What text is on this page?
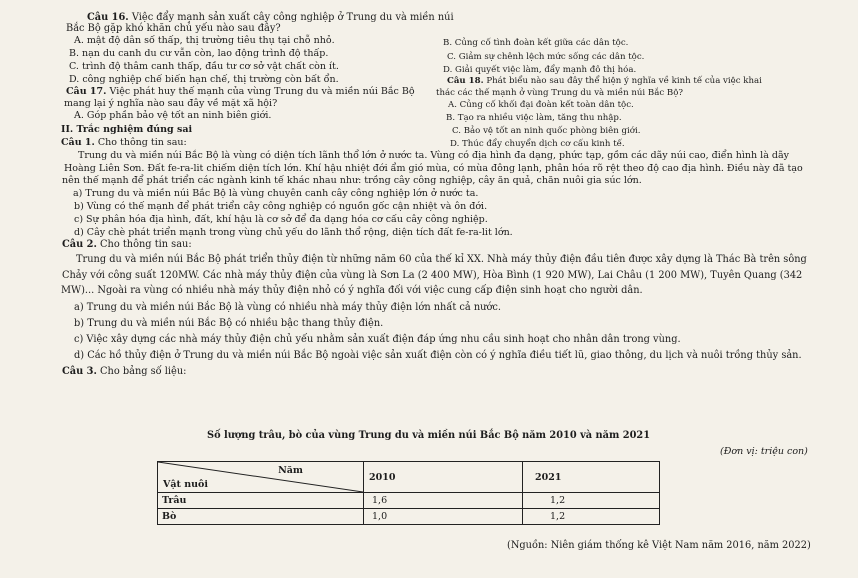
Câu 16. Việc đẩy mạnh sản xuất cây công nghiệp ở Trung du và miền núi
Bắc Bộ gặp khó khăn chủ yếu nào sau đây?
A. mật độ dân số thấp, thị trường tiêu thụ tại chỗ nhỏ.
B. nạn du canh du cư vẫn còn, lao động trình độ thấp.
C. trình độ thâm canh thấp, đầu tư cơ sở vật chất còn ít.
D. công nghiệp chế biến hạn chế, thị trường còn bất ổn.
Câu 17. Việc phát huy thế mạnh của vùng Trung du và miền núi Bắc Bộ
mang lại ý nghĩa nào sau đây về mặt xã hội?
A. Góp phần bảo vệ tốt an ninh biên giới.
B. Củng cố tình đoàn kết giữa các dân tộc.
C. Giảm sự chênh lệch mức sống các dân tộc.
D. Giải quyết việc làm, đẩy mạnh đô thị hóa.
Câu 18. Phát biểu nào sau đây thể hiện ý nghĩa về kinh tế của việc khai
thác các thế mạnh ở vùng Trung du và miền núi Bắc Bộ?
A. Củng cố khối đại đoàn kết toàn dân tộc.
B. Tạo ra nhiều việc làm, tăng thu nhập.
C. Bảo vệ tốt an ninh quốc phòng biên giới.
D. Thúc đẩy chuyển dịch cơ cấu kinh tế.
II. Trắc nghiệm đúng sai
Câu 1. Cho thông tin sau:
Trung du và miền núi Bắc Bộ là vùng có diện tích lãnh thổ lớn ở nước ta. Vùng có địa hình đa dạng, phức tạp, gồm các dãy núi cao, điển hình là dãy
Hoàng Liên Sơn. Đất fe-ra-lit chiếm diện tích lớn. Khí hậu nhiệt đới ẩm gió mùa, có mùa đông lạnh, phân hóa rõ rệt theo độ cao địa hình. Điều này đã tạo
nên thế mạnh để phát triển các ngành kinh tế khác nhau như: trồng cây công nghiệp, cây ăn quả, chăn nuôi gia súc lớn.
a) Trung du và miền núi Bắc Bộ là vùng chuyên canh cây công nghiệp lớn ở nước ta.
b) Vùng có thế mạnh để phát triển cây công nghiệp có nguồn gốc cận nhiệt và ôn đới.
c) Sự phân hóa địa hình, đất, khí hậu là cơ sở để đa dạng hóa cơ cấu cây công nghiệp.
d) Cây chè phát triển mạnh trong vùng chủ yếu do lãnh thổ rộng, diện tích đất fe-ra-lit lớn.
Câu 2. Cho thông tin sau:
Trung du và miền núi Bắc Bộ phát triển thủy điện từ những năm 60 của thế kỉ XX. Nhà máy thủy điện đầu tiên được xây dựng là Thác Bà trên sông
Chảy với công suất 120MW. Các nhà máy thủy điện của vùng là Sơn La (2 400 MW), Hòa Bình (1 920 MW), Lai Châu (1 200 MW), Tuyên Quang (342
MW)... Ngoài ra vùng có nhiều nhà máy thủy điện nhỏ có ý nghĩa đối với việc cung cấp điện sinh hoạt cho người dân.
a) Trung du và miền núi Bắc Bộ là vùng có nhiều nhà máy thủy điện lớn nhất cả nước.
b) Trung du và miền núi Bắc Bộ có nhiều bậc thang thủy điện.
c) Việc xây dựng các nhà máy thủy điện chủ yếu nhằm sản xuất điện đáp ứng nhu cầu sinh hoạt cho nhân dân trong vùng.
d) Các hồ thủy điện ở Trung du và miền núi Bắc Bộ ngoài việc sản xuất điện còn có ý nghĩa điều tiết lũ, giao thông, du lịch và nuôi trồng thủy sản.
Câu 3. Cho bảng số liệu:
Số lượng trâu, bò của vùng Trung du và miền núi Bắc Bộ năm 2010 và năm 2021
(Đơn vị: triệu con)
Năm
Vật nuôi	2010	2021
Trâu	1,6	1,2
Bò	1,0	1,2
(Nguồn: Niên giám thống kê Việt Nam năm 2016, năm 2022)
